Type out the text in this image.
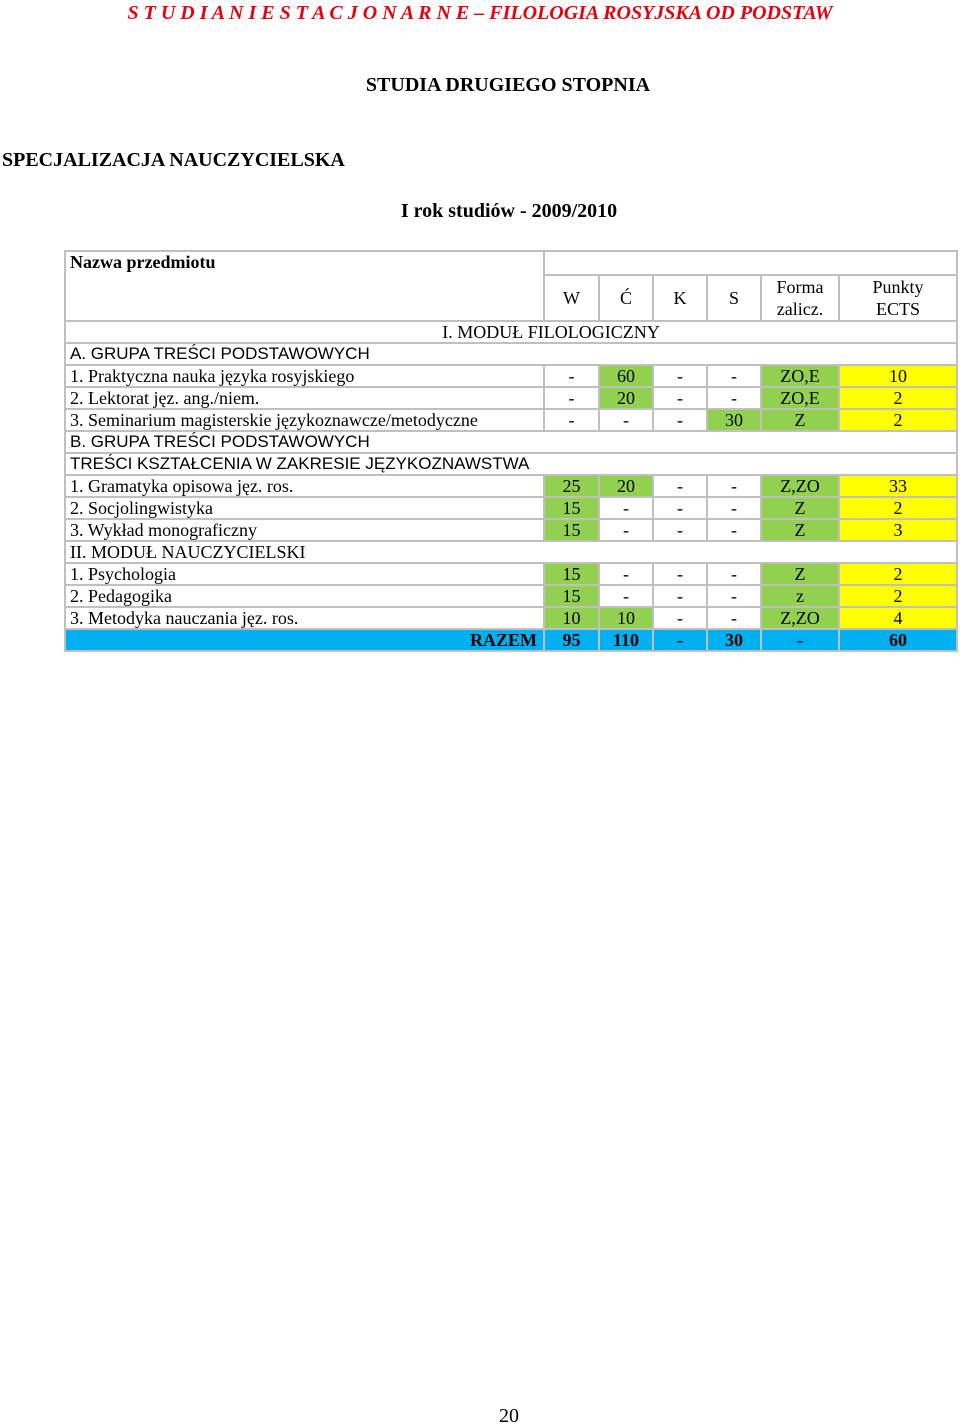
S T U D I A N I E S T A C J O N A R N E – FILOLOGIA ROSYJSKA OD PODSTAW
STUDIA DRUGIEGO STOPNIA
SPECJALIZACJA NAUCZYCIELSKA
I rok studiów - 2009/2010
Nazwa przedmiotu						
	W	Ć	K	S	Forma zalicz.	Punkty ECTS
I. MODUŁ FILOLOGICZNY						
A. GRUPA TREŚCI PODSTAWOWYCH						
1. Praktyczna nauka języka rosyjskiego	-	60	-	-	ZO,E	10
2. Lektorat jęz. ang./niem.	-	20	-	-	ZO,E	2
3. Seminarium magisterskie językoznawcze/metodyczne	-	-	-	30	Z	2
B. GRUPA TREŚCI PODSTAWOWYCH						
TREŚCI KSZTAŁCENIA W ZAKRESIE JĘZYKOZNAWSTWA						
1. Gramatyka opisowa jęz. ros.	25	20	-	-	Z,ZO	33
2. Socjolingwistyka	15	-	-	-	Z	2
3. Wykład monograficzny	15	-	-	-	Z	3
II. MODUŁ NAUCZYCIELSKI						
1. Psychologia	15	-	-	-	Z	2
2. Pedagogika	15	-	-	-	z	2
3. Metodyka nauczania jęz. ros.	10	10	-	-	Z,ZO	4
RAZEM	95	110	-	30	-	60
20
